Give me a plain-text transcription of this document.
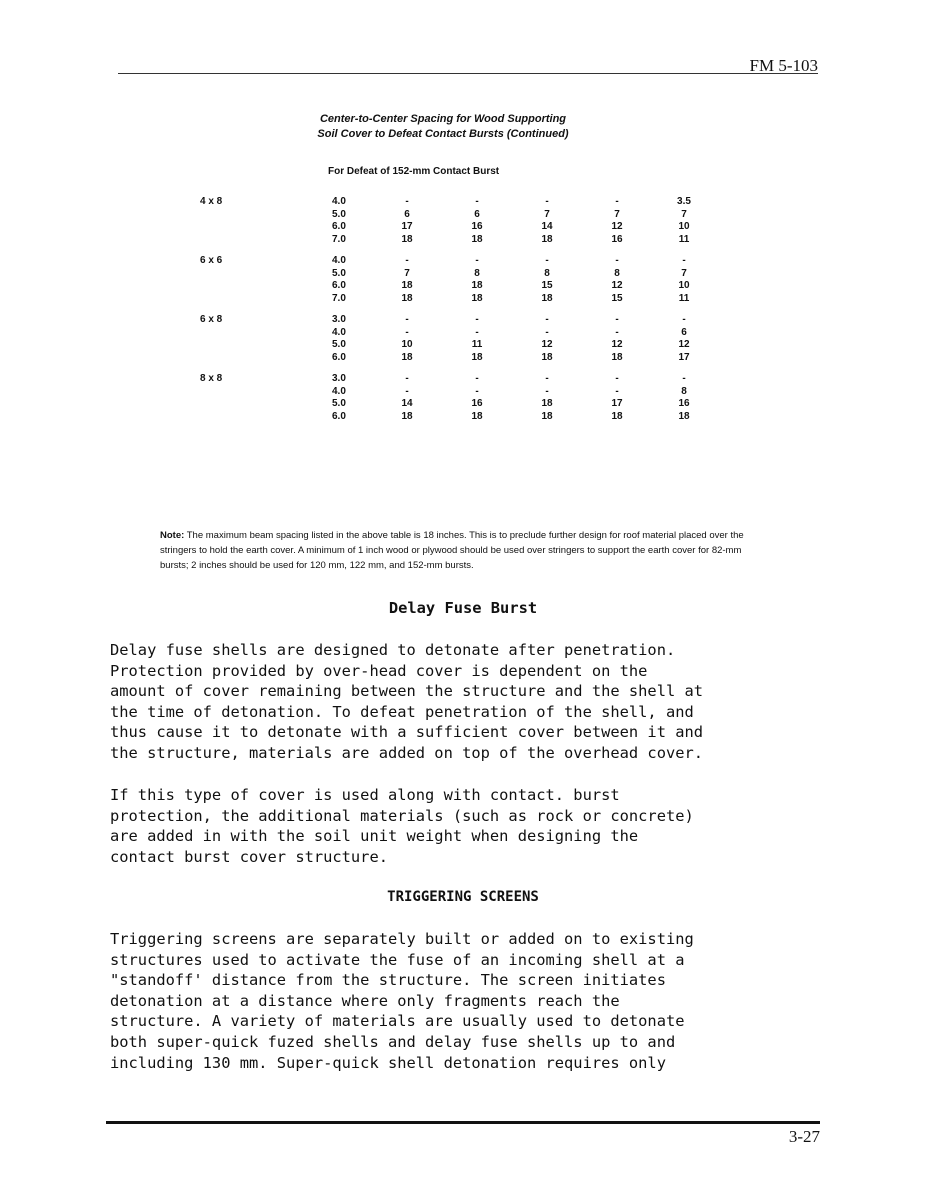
FM 5-103
Center-to-Center Spacing for Wood Supporting
Soil Cover to Defeat Contact Bursts (Continued)
For Defeat of 152-mm Contact Burst
4 x 8	4.0	-	-	-	-	3.5
	5.0	6	6	7	7	7
	6.0	17	16	14	12	10
	7.0	18	18	18	16	11

6 x 6	4.0	-	-	-	-	-
	5.0	7	8	8	8	7
	6.0	18	18	15	12	10
	7.0	18	18	18	15	11

6 x 8	3.0	-	-	-	-	-
	4.0	-	-	-	-	6
	5.0	10	11	12	12	12
	6.0	18	18	18	18	17

8 x 8	3.0	-	-	-	-	-
	4.0	-	-	-	-	8
	5.0	14	16	18	17	16
	6.0	18	18	18	18	18
Note: The maximum beam spacing listed in the above table is 18 inches. This is to preclude further design for roof material placed over the stringers to hold the earth cover. A minimum of 1 inch wood or plywood should be used over stringers to support the earth cover for 82-mm bursts; 2 inches should be used for 120 mm, 122 mm, and 152-mm bursts.
Delay Fuse Burst
Delay fuse shells are designed to detonate after penetration.
Protection provided by over-head cover is dependent on the
amount of cover remaining between the structure and the shell at
the time of detonation. To defeat penetration of the shell, and
thus cause it to detonate with a sufficient cover between it and
the structure, materials are added on top of the overhead cover.
If this type of cover is used along with contact. burst
protection, the additional materials (such as rock or concrete)
are added in with the soil unit weight when designing the
contact burst cover structure.
TRIGGERING SCREENS
Triggering screens are separately built or added on to existing
structures used to activate the fuse of an incoming shell at a
"standoff' distance from the structure. The screen initiates
detonation at a distance where only fragments reach the
structure. A variety of materials are usually used to detonate
both super-quick fuzed shells and delay fuse shells up to and
including 130 mm. Super-quick shell detonation requires only
3-27
